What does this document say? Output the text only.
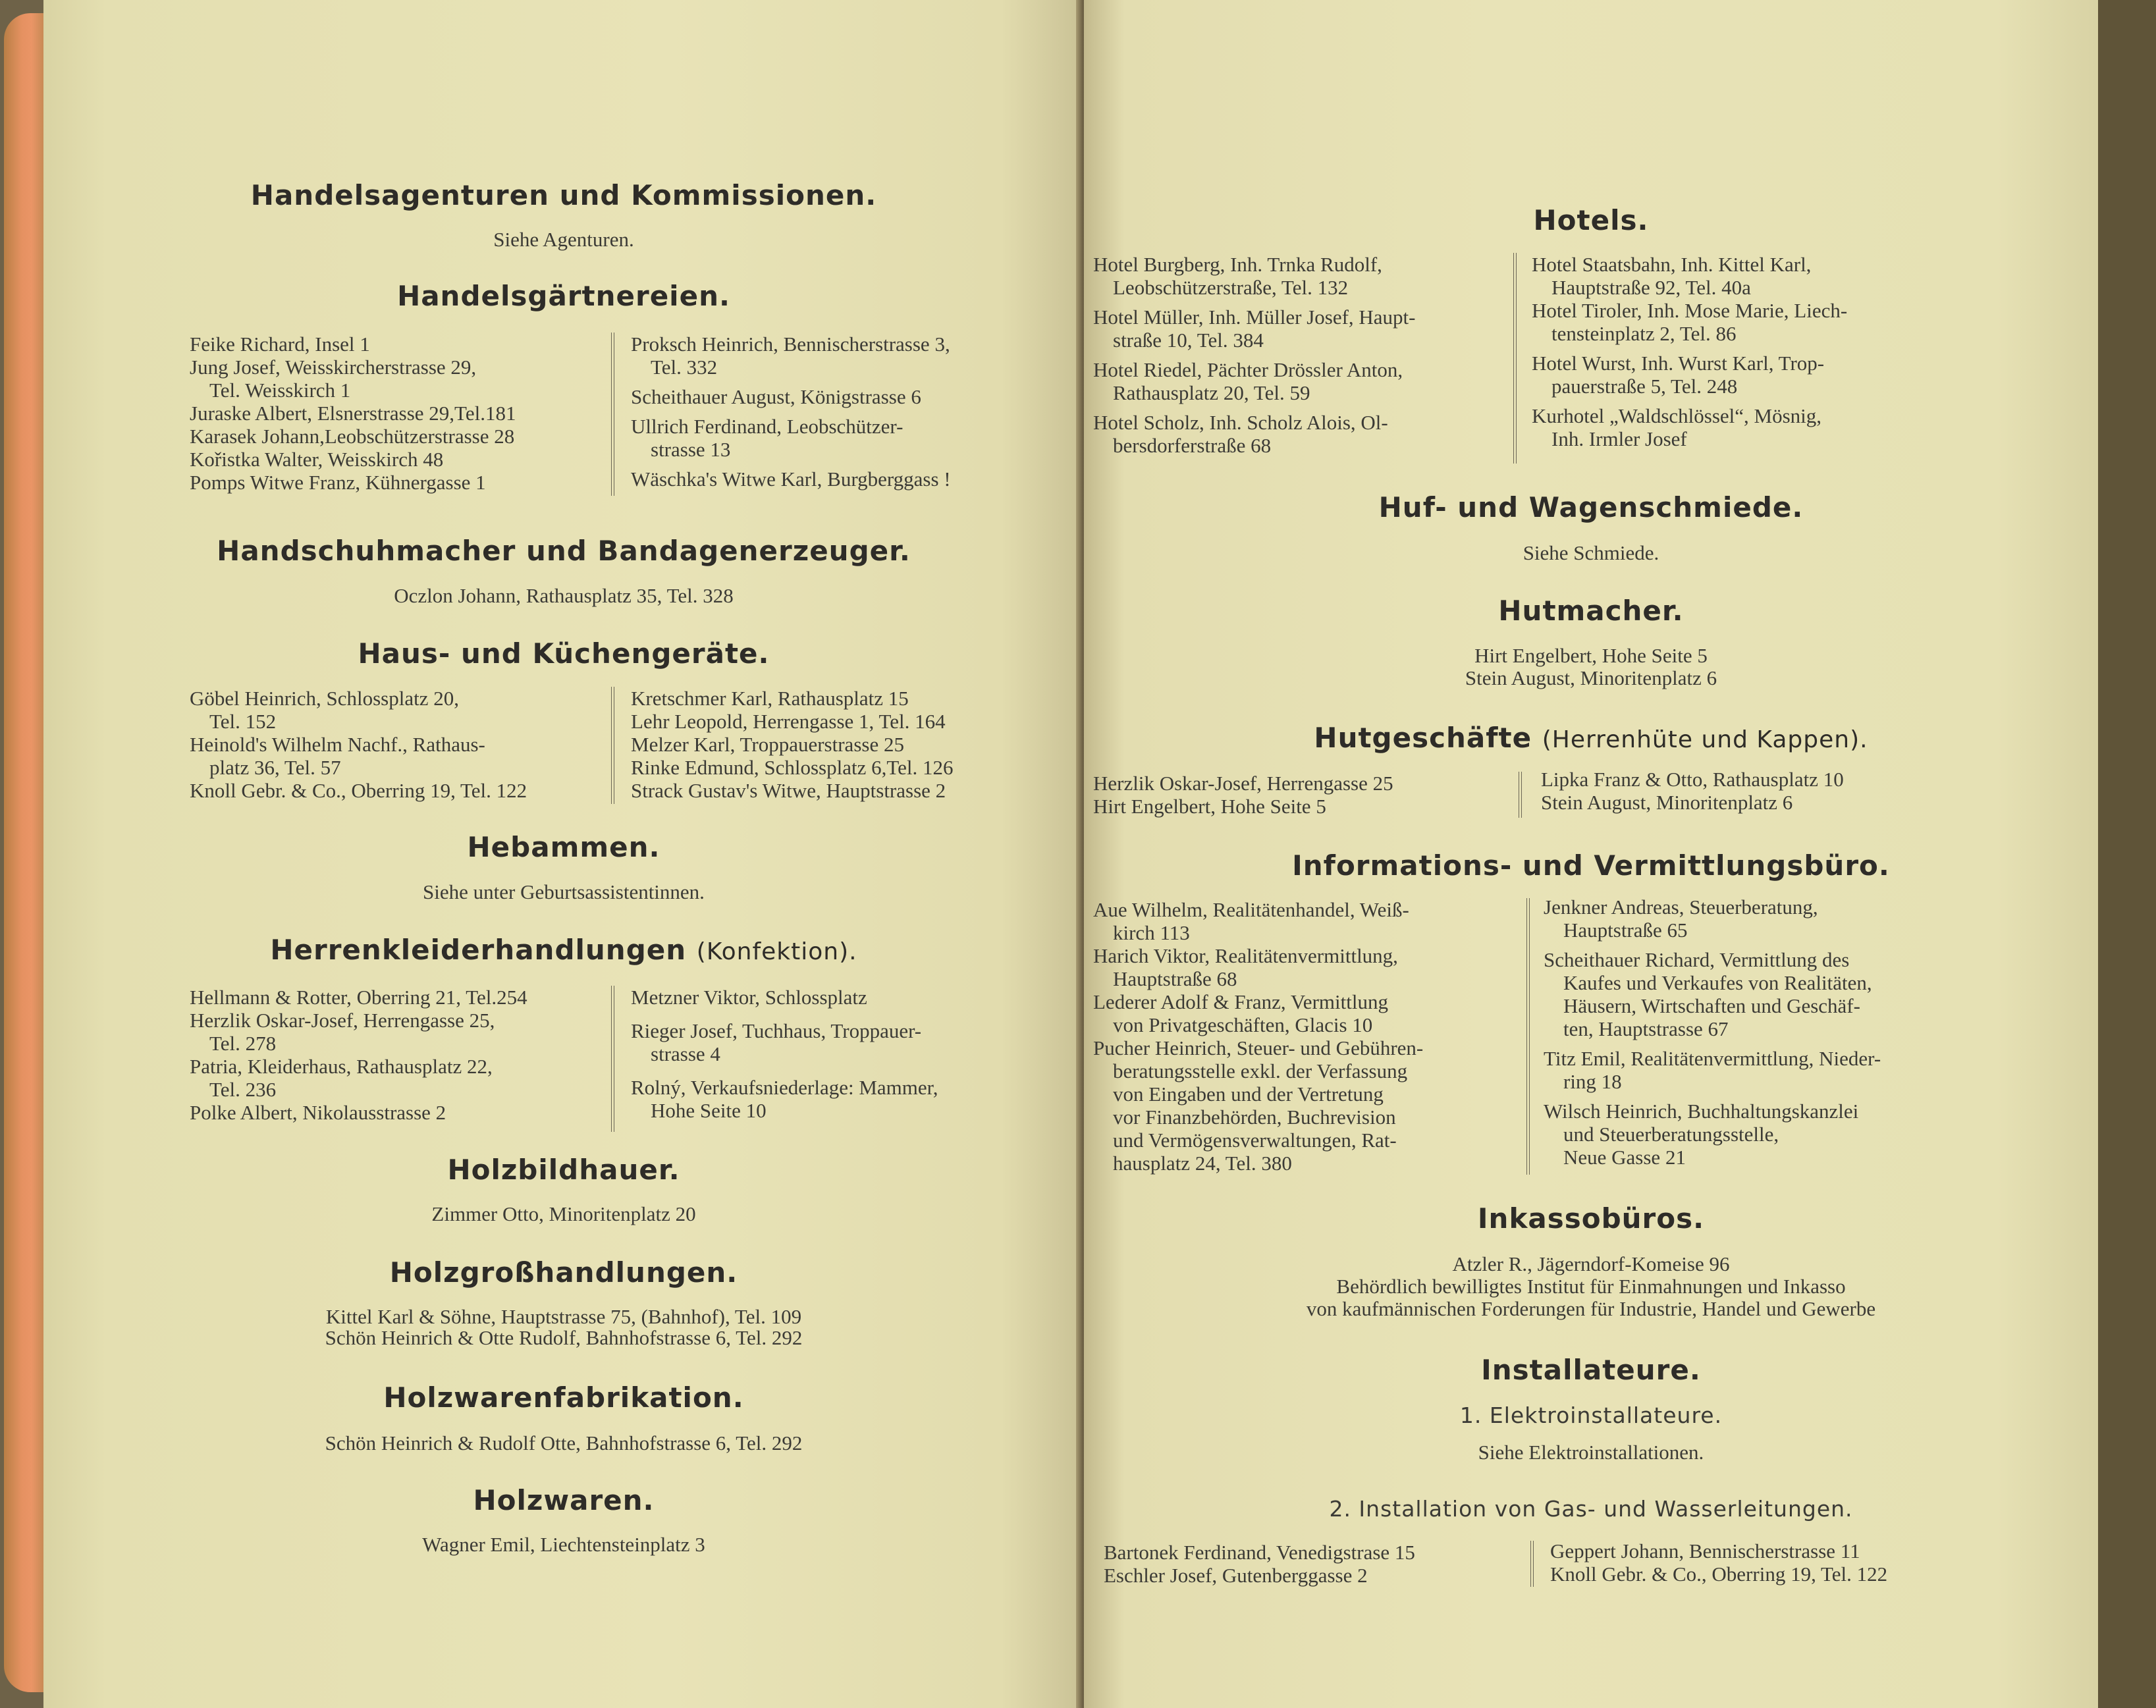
Handelsagenturen und Kommissionen.
Siehe Agenturen.
Handelsgärtnereien.
Feike Richard, Insel 1
Jung Josef, Weisskircherstrasse 29,
Tel. Weisskirch 1
Juraske Albert, Elsnerstrasse 29,Tel.181
Karasek Johann,Leobschützerstrasse 28
Kořistka Walter, Weisskirch 48
Pomps Witwe Franz, Kühnergasse 1
Proksch Heinrich, Bennischerstrasse 3,
Tel. 332
Scheithauer August, Königstrasse 6
Ullrich Ferdinand, Leobschützer-
strasse 13
Wäschka's Witwe Karl, Burgberggass !
Handschuhmacher und Bandagenerzeuger.
Oczlon Johann, Rathausplatz 35, Tel. 328
Haus- und Küchengeräte.
Göbel Heinrich, Schlossplatz 20,
Tel. 152
Heinold's Wilhelm Nachf., Rathaus-
platz 36, Tel. 57
Knoll Gebr. & Co., Oberring 19, Tel. 122
Kretschmer Karl, Rathausplatz 15
Lehr Leopold, Herrengasse 1, Tel. 164
Melzer Karl, Troppauerstrasse 25
Rinke Edmund, Schlossplatz 6,Tel. 126
Strack Gustav's Witwe, Hauptstrasse 2
Hebammen.
Siehe unter Geburtsassistentinnen.
Herrenkleiderhandlungen (Konfektion).
Hellmann & Rotter, Oberring 21, Tel.254
Herzlik Oskar-Josef, Herrengasse 25,
Tel. 278
Patria, Kleiderhaus, Rathausplatz 22,
Tel. 236
Polke Albert, Nikolausstrasse 2
Metzner Viktor, Schlossplatz
Rieger Josef, Tuchhaus, Troppauer-
strasse 4
Rolný, Verkaufsniederlage: Mammer,
Hohe Seite 10
Holzbildhauer.
Zimmer Otto, Minoritenplatz 20
Holzgroßhandlungen.
Kittel Karl & Söhne, Hauptstrasse 75, (Bahnhof), Tel. 109
Schön Heinrich & Otte Rudolf, Bahnhofstrasse 6, Tel. 292
Holzwarenfabrikation.
Schön Heinrich & Rudolf Otte, Bahnhofstrasse 6, Tel. 292
Holzwaren.
Wagner Emil, Liechtensteinplatz 3
Hotels.
Hotel Burgberg, Inh. Trnka Rudolf,
Leobschützerstraße, Tel. 132
Hotel Müller, Inh. Müller Josef, Haupt-
straße 10, Tel. 384
Hotel Riedel, Pächter Drössler Anton,
Rathausplatz 20, Tel. 59
Hotel Scholz, Inh. Scholz Alois, Ol-
bersdorferstraße 68
Hotel Staatsbahn, Inh. Kittel Karl,
Hauptstraße 92, Tel. 40a
Hotel Tiroler, Inh. Mose Marie, Liech-
tensteinplatz 2, Tel. 86
Hotel Wurst, Inh. Wurst Karl, Trop-
pauerstraße 5, Tel. 248
Kurhotel „Waldschlössel“, Mösnig,
Inh. Irmler Josef
Huf- und Wagenschmiede.
Siehe Schmiede.
Hutmacher.
Hirt Engelbert, Hohe Seite 5
Stein August, Minoritenplatz 6
Hutgeschäfte (Herrenhüte und Kappen).
Herzlik Oskar-Josef, Herrengasse 25
Hirt Engelbert, Hohe Seite 5
Lipka Franz & Otto, Rathausplatz 10
Stein August, Minoritenplatz 6
Informations- und Vermittlungsbüro.
Aue Wilhelm, Realitätenhandel, Weiß-
kirch 113
Harich Viktor, Realitätenvermittlung,
Hauptstraße 68
Lederer Adolf & Franz, Vermittlung
von Privatgeschäften, Glacis 10
Pucher Heinrich, Steuer- und Gebühren-
beratungsstelle exkl. der Verfassung
von Eingaben und der Vertretung
vor Finanzbehörden, Buchrevision
und Vermögensverwaltungen, Rat-
hausplatz 24, Tel. 380
Jenkner Andreas, Steuerberatung,
Hauptstraße 65
Scheithauer Richard, Vermittlung des
Kaufes und Verkaufes von Realitäten,
Häusern, Wirtschaften und Geschäf-
ten, Hauptstrasse 67
Titz Emil, Realitätenvermittlung, Nieder-
ring 18
Wilsch Heinrich, Buchhaltungskanzlei
und Steuerberatungsstelle,
Neue Gasse 21
Inkassobüros.
Atzler R., Jägerndorf-Komeise 96
Behördlich bewilligtes Institut für Einmahnungen und Inkasso
von kaufmännischen Forderungen für Industrie, Handel und Gewerbe
Installateure.
1. Elektroinstallateure.
Siehe Elektroinstallationen.
2. Installation von Gas- und Wasserleitungen.
Bartonek Ferdinand, Venedigstrase 15
Eschler Josef, Gutenberggasse 2
Geppert Johann, Bennischerstrasse 11
Knoll Gebr. & Co., Oberring 19, Tel. 122
